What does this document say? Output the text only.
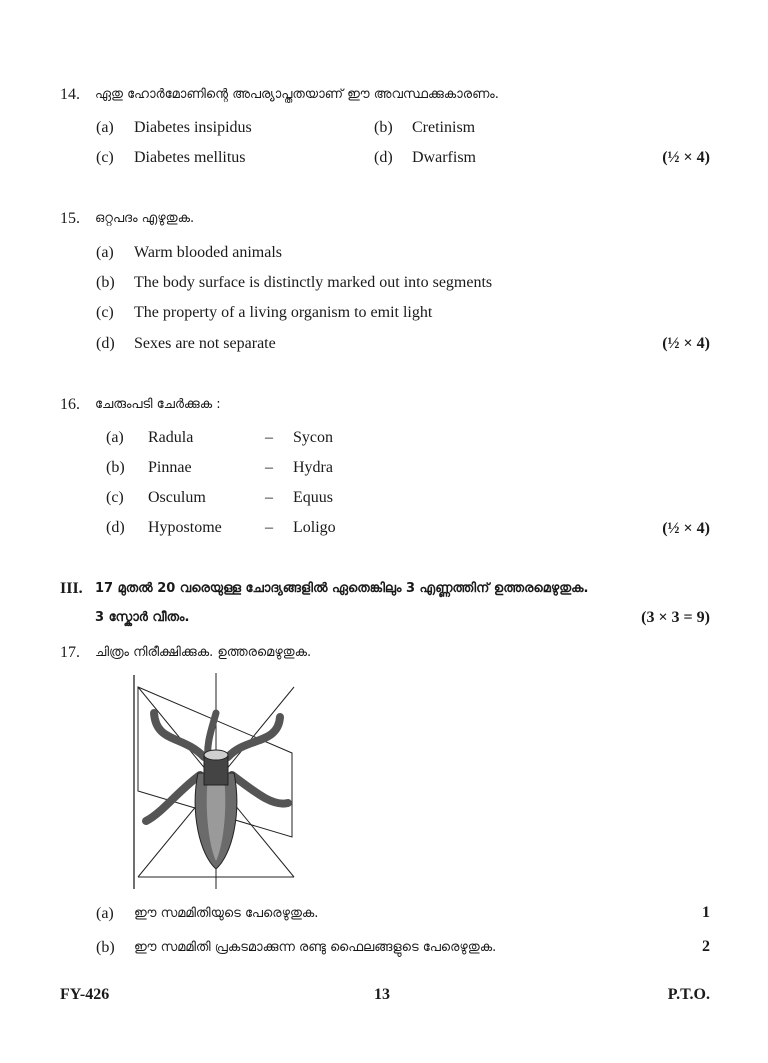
14. ഏതു ഹോർമോണിന്റെ അപര്യാപ്തതയാണ് ഈ അവസ്ഥക്കുകാരണം.
(a) Diabetes insipidus	(b) Cretinism
(c) Diabetes mellitus	(d) Dwarfism	(½ × 4)
15. ഒറ്റപദം എഴുതുക.
(a) Warm blooded animals
(b) The body surface is distinctly marked out into segments
(c) The property of a living organism to emit light
(d) Sexes are not separate	(½ × 4)
16. ചേരുംപടി ചേർക്കുക :
(a) Radula	– Sycon
(b) Pinnae	– Hydra
(c) Osculum	– Equus
(d) Hypostome	– Loligo	(½ × 4)
III. 17 മുതൽ 20 വരെയുള്ള ചോദ്യങ്ങളിൽ ഏതെങ്കിലും 3 എണ്ണത്തിന് ഉത്തരമെഴുതുക.
3 സ്കോർ വീതം.	(3 × 3 = 9)
17. ചിത്രം നിരീക്ഷിക്കുക. ഉത്തരമെഴുതുക.
(a) ഈ സമമിതിയുടെ പേരെഴുതുക.	1
(b) ഈ സമമിതി പ്രകടമാക്കുന്ന രണ്ടു ഫൈലങ്ങളുടെ പേരെഴുതുക.	2
FY-426	13	P.T.O.
